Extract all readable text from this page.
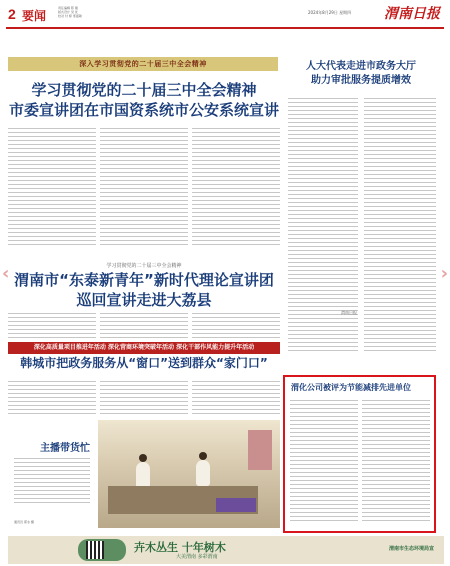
2 要闻
责任编辑 陈 刚
版式设计 吴 优
校对 付 婷 邢嘉敏
2024年8月29日 星期四 渭南日报
深入学习贯彻党的二十届三中全会精神
学习贯彻党的二十届三中全会精神
市委宣讲团在市国资系统市公安系统宣讲
学习贯彻党的二十届三中全会精神
渭南市“东泰新青年”新时代理论宣讲团
巡回宣讲走进大荔县
深化高质量项目推进年活动 深化营商环境突破年活动 深化干部作风能力提升年活动
韩城市把政务服务从“窗口”送到群众“家门口”
主播带货忙
通讯员 郭永 摄
人大代表走进市政务大厅
助力审批服务提质增效
渭南日报
渭化公司被评为节能减排先进单位
卉木丛生 十年树木
大美渭南 多彩渭南
渭南市生态环境局宣
‹	›
